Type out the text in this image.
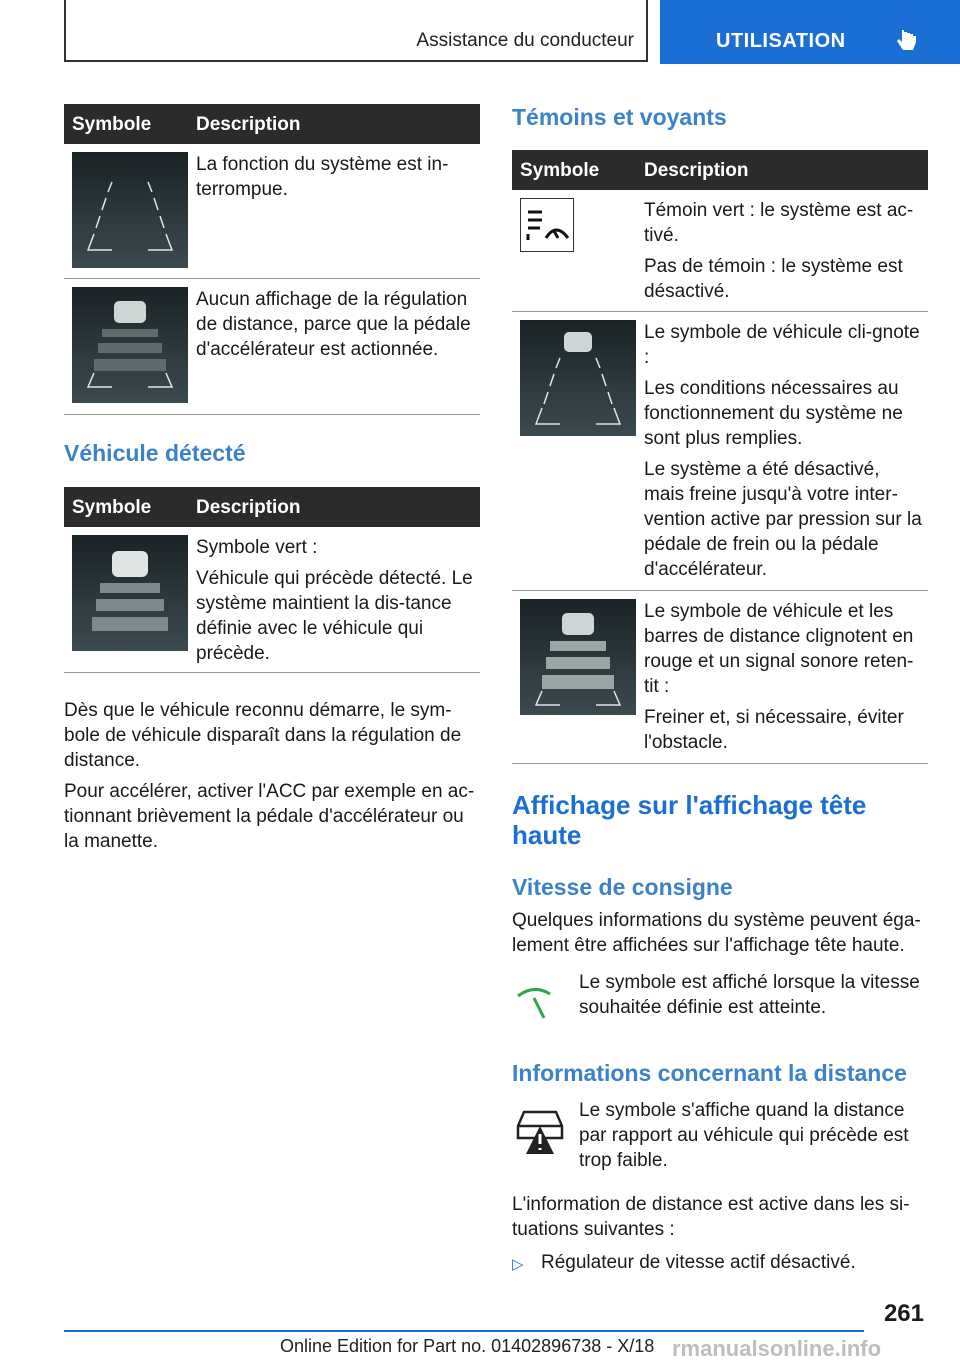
Assistance du conducteur	UTILISATION
Symbole Description

La fonction du système est in‐terrompue.

Aucun affichage de la régulation de distance, parce que la pédale d'accélérateur est actionnée.

Véhicule détecté
Symbole Description

Symbole vert :

Véhicule qui précède détecté. Le système maintient la dis‐tance définie avec le véhicule qui précède.

Dès que le véhicule reconnu démarre, le sym‐bole de véhicule disparaît dans la régulation de distance.

Pour accélérer, activer l'ACC par exemple en ac‐tionnant brièvement la pédale d'accélérateur ou la manette.

Témoins et voyants
Symbole Description

Témoin vert : le système est ac‐tivé.

Pas de témoin : le système est désactivé.

Le symbole de véhicule cli‐gnote :

Les conditions nécessaires au fonctionnement du système ne sont plus remplies.

Le système a été désactivé, mais freine jusqu'à votre inter‐vention active par pression sur la pédale de frein ou la pédale d'accélérateur.

Le symbole de véhicule et les barres de distance clignotent en rouge et un signal sonore reten‐tit :

Freiner et, si nécessaire, éviter l'obstacle.

Affichage sur l'affichage tête haute
Vitesse de consigne

Quelques informations du système peuvent éga‐lement être affichées sur l'affichage tête haute.

Le symbole est affiché lorsque la vitesse souhaitée définie est atteinte.

Informations concernant la distance

Le symbole s'affiche quand la distance par rapport au véhicule qui précède est trop faible.

L'information de distance est active dans les si‐tuations suivantes :

▷ Régulateur de vitesse actif désactivé.
261
Online Edition for Part no. 01402896738 - X/18 rmanualsonline.info
